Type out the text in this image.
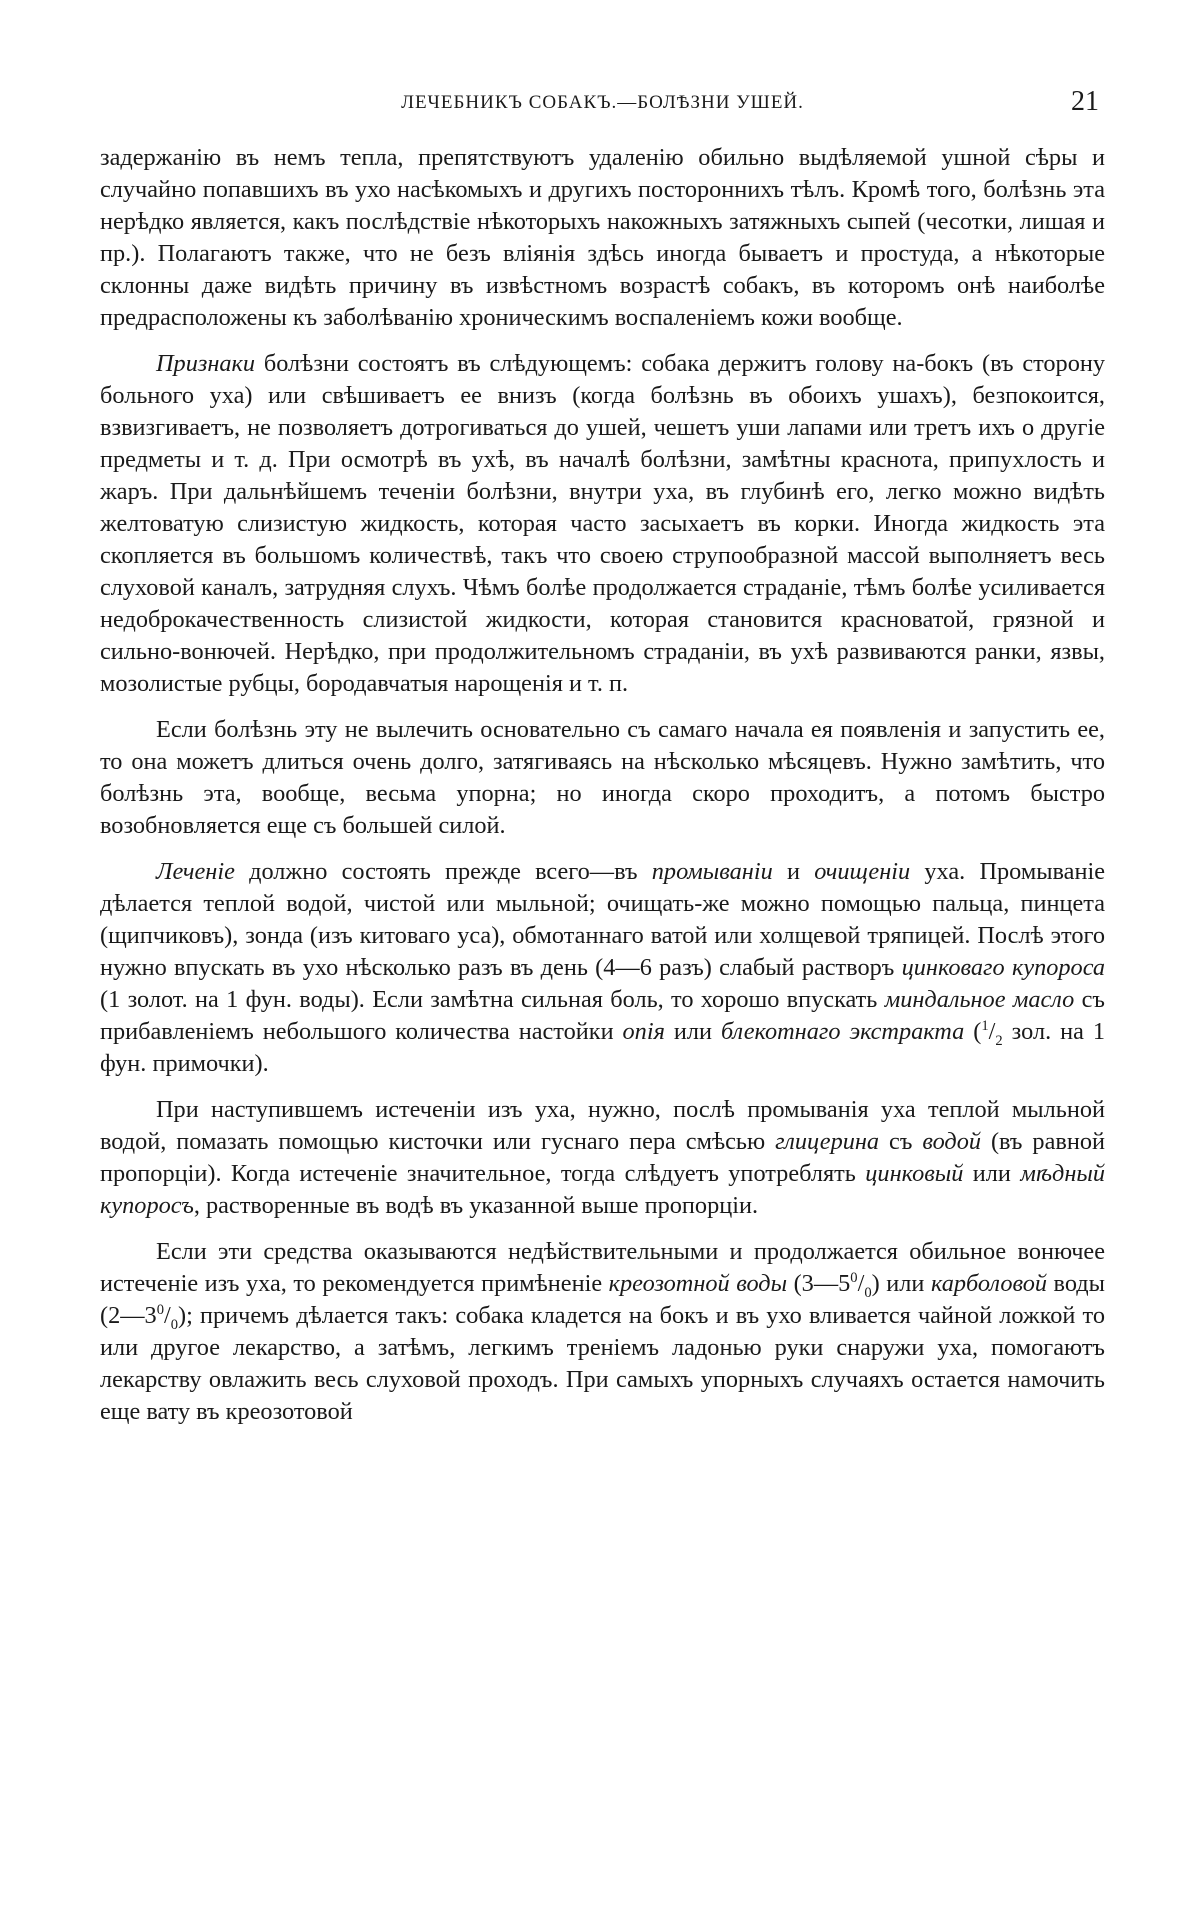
ЛЕЧЕБНИКЪ СОБАКЪ.—БОЛѢЗНИ УШЕЙ.	21

задержанію въ немъ тепла, препятствуютъ удаленію обильно выдѣляемой ушной сѣры и случайно попавшихъ въ ухо насѣкомыхъ и другихъ постороннихъ тѣлъ. Кромѣ того, болѣзнь эта нерѣдко является, какъ послѣдствіе нѣкоторыхъ накожныхъ затяжныхъ сыпей (чесотки, лишая и пр.). Полагаютъ также, что не безъ вліянія здѣсь иногда бываетъ и простуда, а нѣкоторые склонны даже видѣть причину въ извѣстномъ возрастѣ собакъ, въ которомъ онѣ наиболѣе предрасположены къ заболѣванію хроническимъ воспаленіемъ кожи вообще.

Признаки болѣзни состоятъ въ слѣдующемъ: собака держитъ голову на-бокъ (въ сторону больного уха) или свѣшиваетъ ее внизъ (когда болѣзнь въ обоихъ ушахъ), безпокоится, взвизгиваетъ, не позволяетъ дотрогиваться до ушей, чешетъ уши лапами или третъ ихъ о другіе предметы и т. д. При осмотрѣ въ ухѣ, въ началѣ болѣзни, замѣтны краснота, припухлость и жаръ. При дальнѣйшемъ теченіи болѣзни, внутри уха, въ глубинѣ его, легко можно видѣть желтоватую слизистую жидкость, которая часто засыхаетъ въ корки. Иногда жидкость эта скопляется въ большомъ количествѣ, такъ что своею струпообразной массой выполняетъ весь слуховой каналъ, затрудняя слухъ. Чѣмъ болѣе продолжается страданіе, тѣмъ болѣе усиливается недоброкачественность слизистой жидкости, которая становится красноватой, грязной и сильно-вонючей. Нерѣдко, при продолжительномъ страданіи, въ ухѣ развиваются ранки, язвы, мозолистые рубцы, бородавчатыя нарощенія и т. п.

Если болѣзнь эту не вылечить основательно съ самаго начала ея появленія и запустить ее, то она можетъ длиться очень долго, затягиваясь на нѣсколько мѣсяцевъ. Нужно замѣтить, что болѣзнь эта, вообще, весьма упорна; но иногда скоро проходитъ, а потомъ быстро возобновляется еще съ большей силой.

Леченіе должно состоять прежде всего—въ промываніи и очищеніи уха. Промываніе дѣлается теплой водой, чистой или мыльной; очищать-же можно помощью пальца, пинцета (щипчиковъ), зонда (изъ китоваго уса), обмотаннаго ватой или холщевой тряпицей. Послѣ этого нужно впускать въ ухо нѣсколько разъ въ день (4—6 разъ) слабый растворъ цинковаго купороса (1 золот. на 1 фун. воды). Если замѣтна сильная боль, то хорошо впускать миндальное масло съ прибавленіемъ небольшого количества настойки опія или блекотнаго экстракта ($^1/_2$ зол. на 1 фун. примочки).

При наступившемъ истеченіи изъ уха, нужно, послѣ промыванія уха теплой мыльной водой, помазать помощью кисточки или гуснаго пера смѣсью глицерина съ водой (въ равной пропорціи). Когда истеченіе значительное, тогда слѣдуетъ употреблять цинковый или мѣдный купоросъ, растворенные въ водѣ въ указанной выше пропорціи.

Если эти средства оказываются недѣйствительными и продолжается обильное вонючее истеченіе изъ уха, то рекомендуется примѣненіе креозотной воды $(3—5^0/_0)$ или карболовой воды $(2—3^0/_0)$; причемъ дѣлается такъ: собака кладется на бокъ и въ ухо вливается чайной ложкой то или другое лекарство, а затѣмъ, легкимъ треніемъ ладонью руки снаружи уха, помогаютъ лекарству овлажить весь слуховой проходъ. При самыхъ упорныхъ случаяхъ остается намочить еще вату въ креозотовой
